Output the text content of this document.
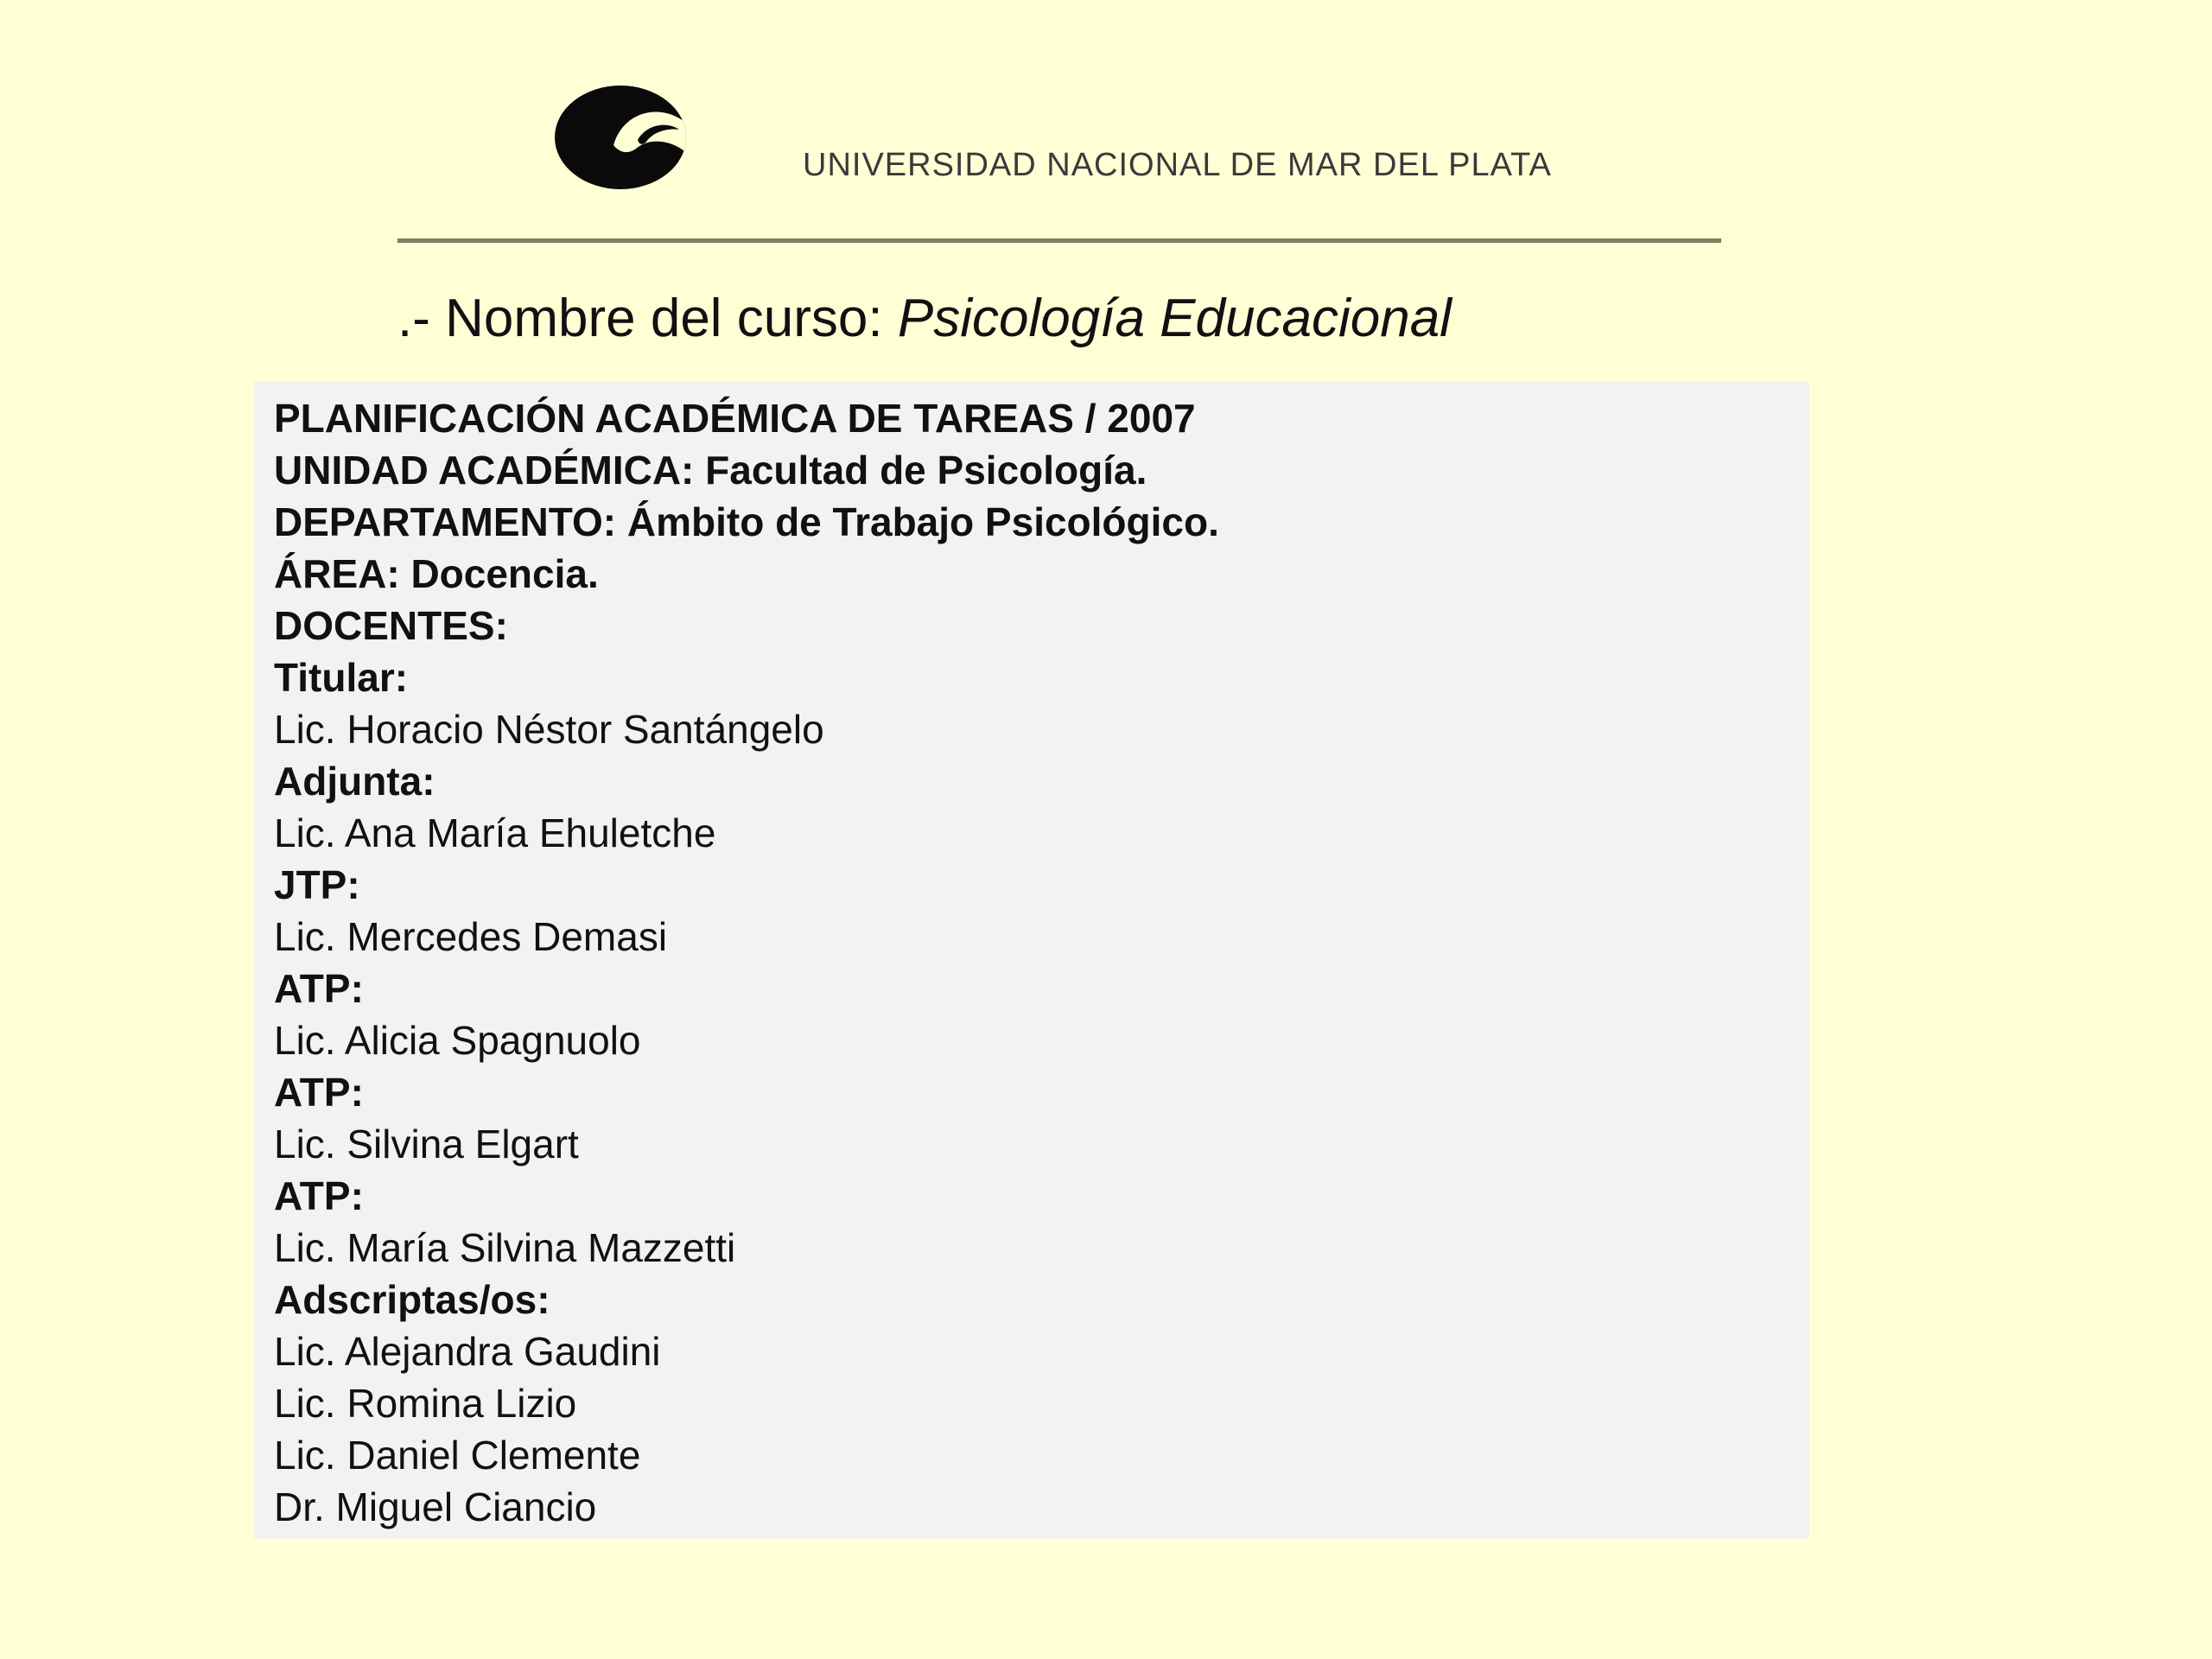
UNIVERSIDAD NACIONAL DE MAR DEL PLATA
.- Nombre del curso: Psicología Educacional
PLANIFICACIÓN ACADÉMICA DE TAREAS / 2007
UNIDAD ACADÉMICA: Facultad de Psicología.
DEPARTAMENTO: Ámbito de Trabajo Psicológico.
ÁREA: Docencia.
DOCENTES:
Titular:
Lic. Horacio Néstor Santángelo
Adjunta:
Lic. Ana María Ehuletche
JTP:
Lic. Mercedes Demasi
ATP:
Lic. Alicia Spagnuolo
ATP:
Lic. Silvina Elgart
ATP:
Lic. María Silvina Mazzetti
Adscriptas/os:
Lic. Alejandra Gaudini
Lic. Romina Lizio
Lic. Daniel Clemente
Dr. Miguel Ciancio
